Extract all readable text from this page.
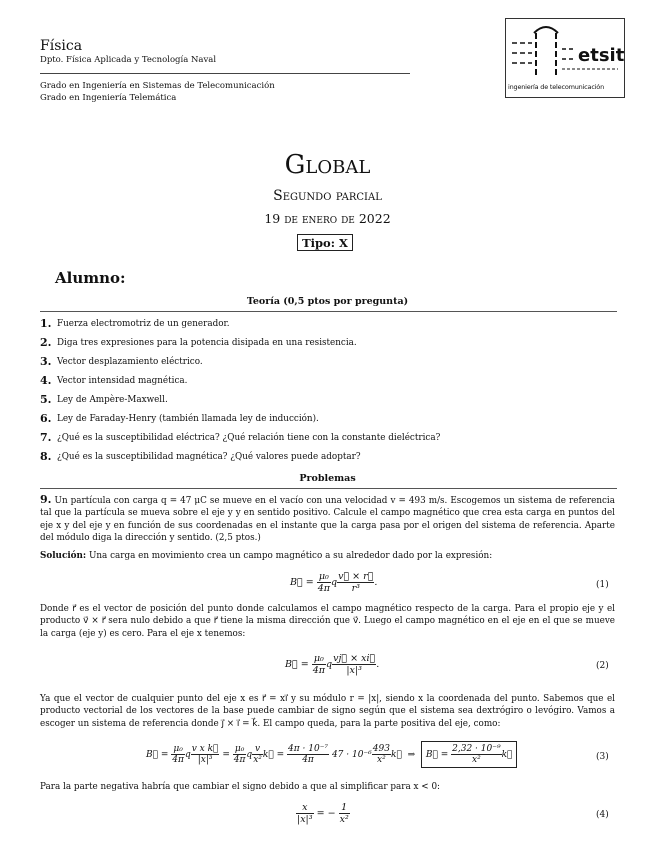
Física
Dpto. Física Aplicada y Tecnología Naval
Grado en Ingeniería en Sistemas de Telecomunicación
Grado en Ingeniería Telemática
etsit
ingeniería de telecomunicación
Global
Segundo parcial
19 de enero de 2022
Tipo: X
Alumno:
Teoría (0,5 ptos por pregunta)
1. Fuerza electromotriz de un generador.
2. Diga tres expresiones para la potencia disipada en una resistencia.
3. Vector desplazamiento eléctrico.
4. Vector intensidad magnética.
5. Ley de Ampère-Maxwell.
6. Ley de Faraday-Henry (también llamada ley de inducción).
7. ¿Qué es la susceptibilidad eléctrica? ¿Qué relación tiene con la constante dieléctrica?
8. ¿Qué es la susceptibilidad magnética? ¿Qué valores puede adoptar?
Problemas
9. Un partícula con carga q = 47 μC se mueve en el vacío con una velocidad v = 493 m/s. Escogemos un sistema de referencia tal que la partícula se mueva sobre el eje y y en sentido positivo. Calcule el campo magnético que crea esta carga en puntos del eje x y del eje y en función de sus coordenadas en el instante que la carga pasa por el origen del sistema de referencia. Aparte del módulo diga la dirección y sentido. (2,5 ptos.)
Solución: Una carga en movimiento crea un campo magnético a su alrededor dado por la expresión:
B⃗ = $\frac{\text{μ₀}}{4\pi}$ q $\frac{v⃗ \times r⃗}{\text{r³}}$ .	(1)
Donde r⃗ es el vector de posición del punto donde calculamos el campo magnético respecto de la carga. Para el propio eje y el producto v⃗ × r⃗ sera nulo debido a que r⃗ tiene la misma dirección que v⃗. Luego el campo magnético en el eje en el que se mueve la carga (eje y) es cero. Para el eje x tenemos:
B⃗ = $\frac{\text{μ₀}}{4\pi}$ q $\frac{vj⃗ \times xi⃗}{\text{|x|³}}$ .	(2)
Ya que el vector de cualquier punto del eje x es r⃗ = xi⃗ y su módulo r = |x|, siendo x la coordenada del punto. Sabemos que el producto vectorial de los vectores de la base puede cambiar de signo según que el sistema sea dextrógiro o levógiro. Vamos a escoger un sistema de referencia donde j⃗ × i⃗ = k⃗. El campo queda, para la parte positiva del eje, como:
B⃗ = $\frac{\text{μ₀}}{4\pi}$ q $\frac{\text{v x k⃗}}{\text{|x|³}} = \frac{\text{μ₀}}{4\pi}$ q $\frac{v}{\text{x²}}$ k⃗ = $\frac{\text{4π · 10⁻⁷}}{4\pi} 47 \cdot 10^{-6} \frac{493}{\text{x²}}$ k⃗ ⇒ B⃗ = $\frac{\text{2,32 · 10⁻⁹}}{\text{x²}}$ k⃗	(3)
Para la parte negativa habría que cambiar el signo debido a que al simplificar para x < 0:
$\frac{x}{\text{|x|³}}$ = − $\frac{1}{\text{x²}}$	(4)
